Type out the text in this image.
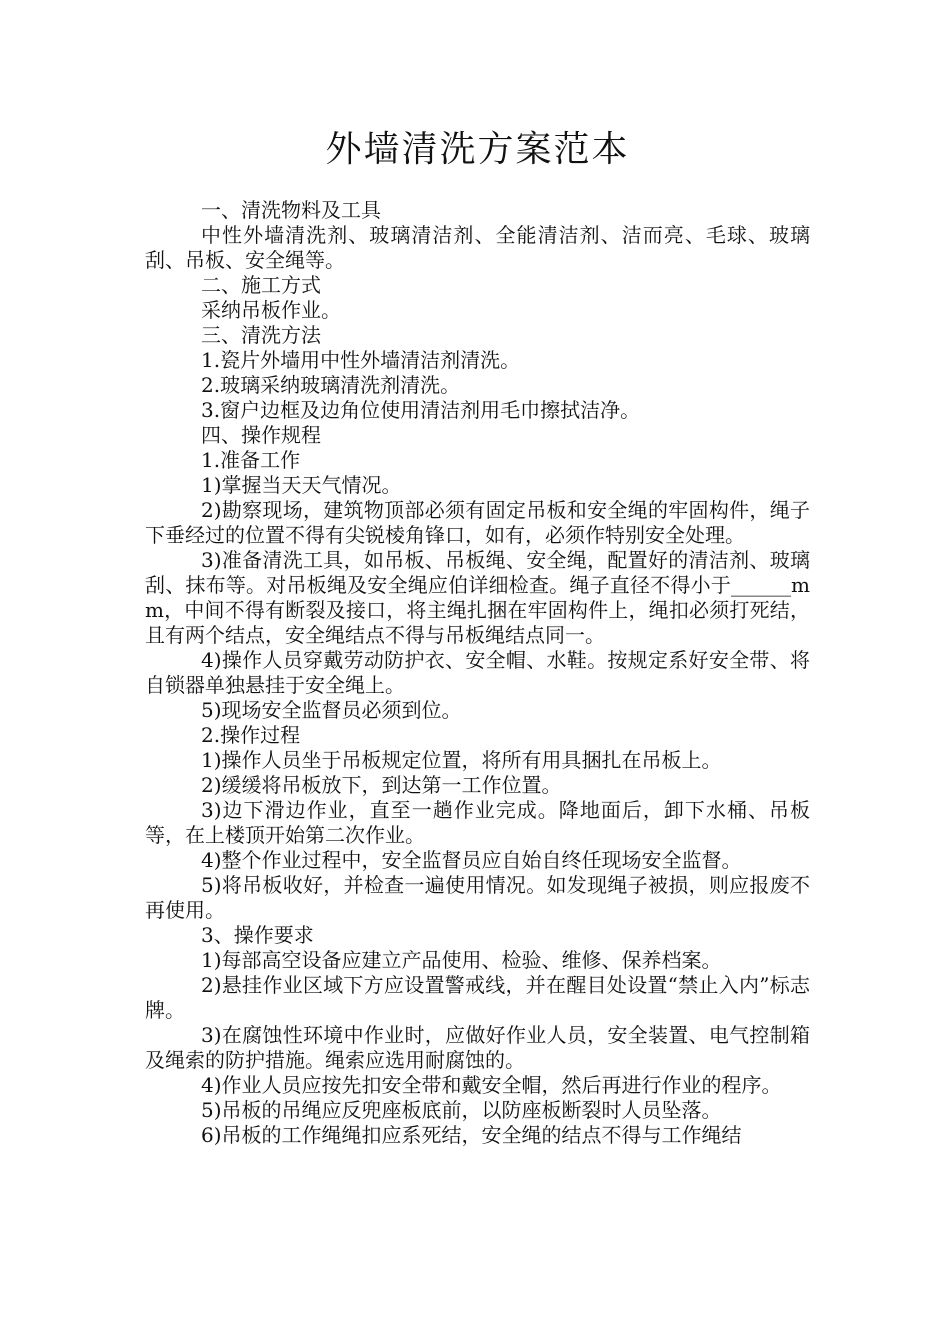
外墙清洗方案范本

一、清洗物料及工具

中性外墙清洗剂、玻璃清洁剂、全能清洁剂、洁而亮、毛球、玻璃刮、吊板、安全绳等。

二、施工方式

采纳吊板作业。

三、清洗方法

1.瓷片外墙用中性外墙清洁剂清洗。

2.玻璃采纳玻璃清洗剂清洗。

3.窗户边框及边角位使用清洁剂用毛巾擦拭洁净。

四、操作规程

1.准备工作

1)掌握当天天气情况。

2)勘察现场，建筑物顶部必须有固定吊板和安全绳的牢固构件，绳子下垂经过的位置不得有尖锐棱角锋口，如有，必须作特别安全处理。

3)准备清洗工具，如吊板、吊板绳、安全绳，配置好的清洁剂、玻璃刮、抹布等。对吊板绳及安全绳应伯详细检查。绳子直径不得小于______mm，中间不得有断裂及接口，将主绳扎捆在牢固构件上，绳扣必须打死结，且有两个结点，安全绳结点不得与吊板绳结点同一。

4)操作人员穿戴劳动防护衣、安全帽、水鞋。按规定系好安全带、将自锁器单独悬挂于安全绳上。

5)现场安全监督员必须到位。

2.操作过程

1)操作人员坐于吊板规定位置，将所有用具捆扎在吊板上。

2)缓缓将吊板放下，到达第一工作位置。

3)边下滑边作业，直至一趟作业完成。降地面后，卸下水桶、吊板等，在上楼顶开始第二次作业。

4)整个作业过程中，安全监督员应自始自终任现场安全监督。

5)将吊板收好，并检查一遍使用情况。如发现绳子被损，则应报废不再使用。

3、操作要求

1)每部高空设备应建立产品使用、检验、维修、保养档案。

2)悬挂作业区域下方应设置警戒线，并在醒目处设置“禁止入内”标志牌。

3)在腐蚀性环境中作业时，应做好作业人员，安全装置、电气控制箱及绳索的防护措施。绳索应选用耐腐蚀的。

4)作业人员应按先扣安全带和戴安全帽，然后再进行作业的程序。

5)吊板的吊绳应反兜座板底前，以防座板断裂时人员坠落。

6)吊板的工作绳绳扣应系死结，安全绳的结点不得与工作绳结
